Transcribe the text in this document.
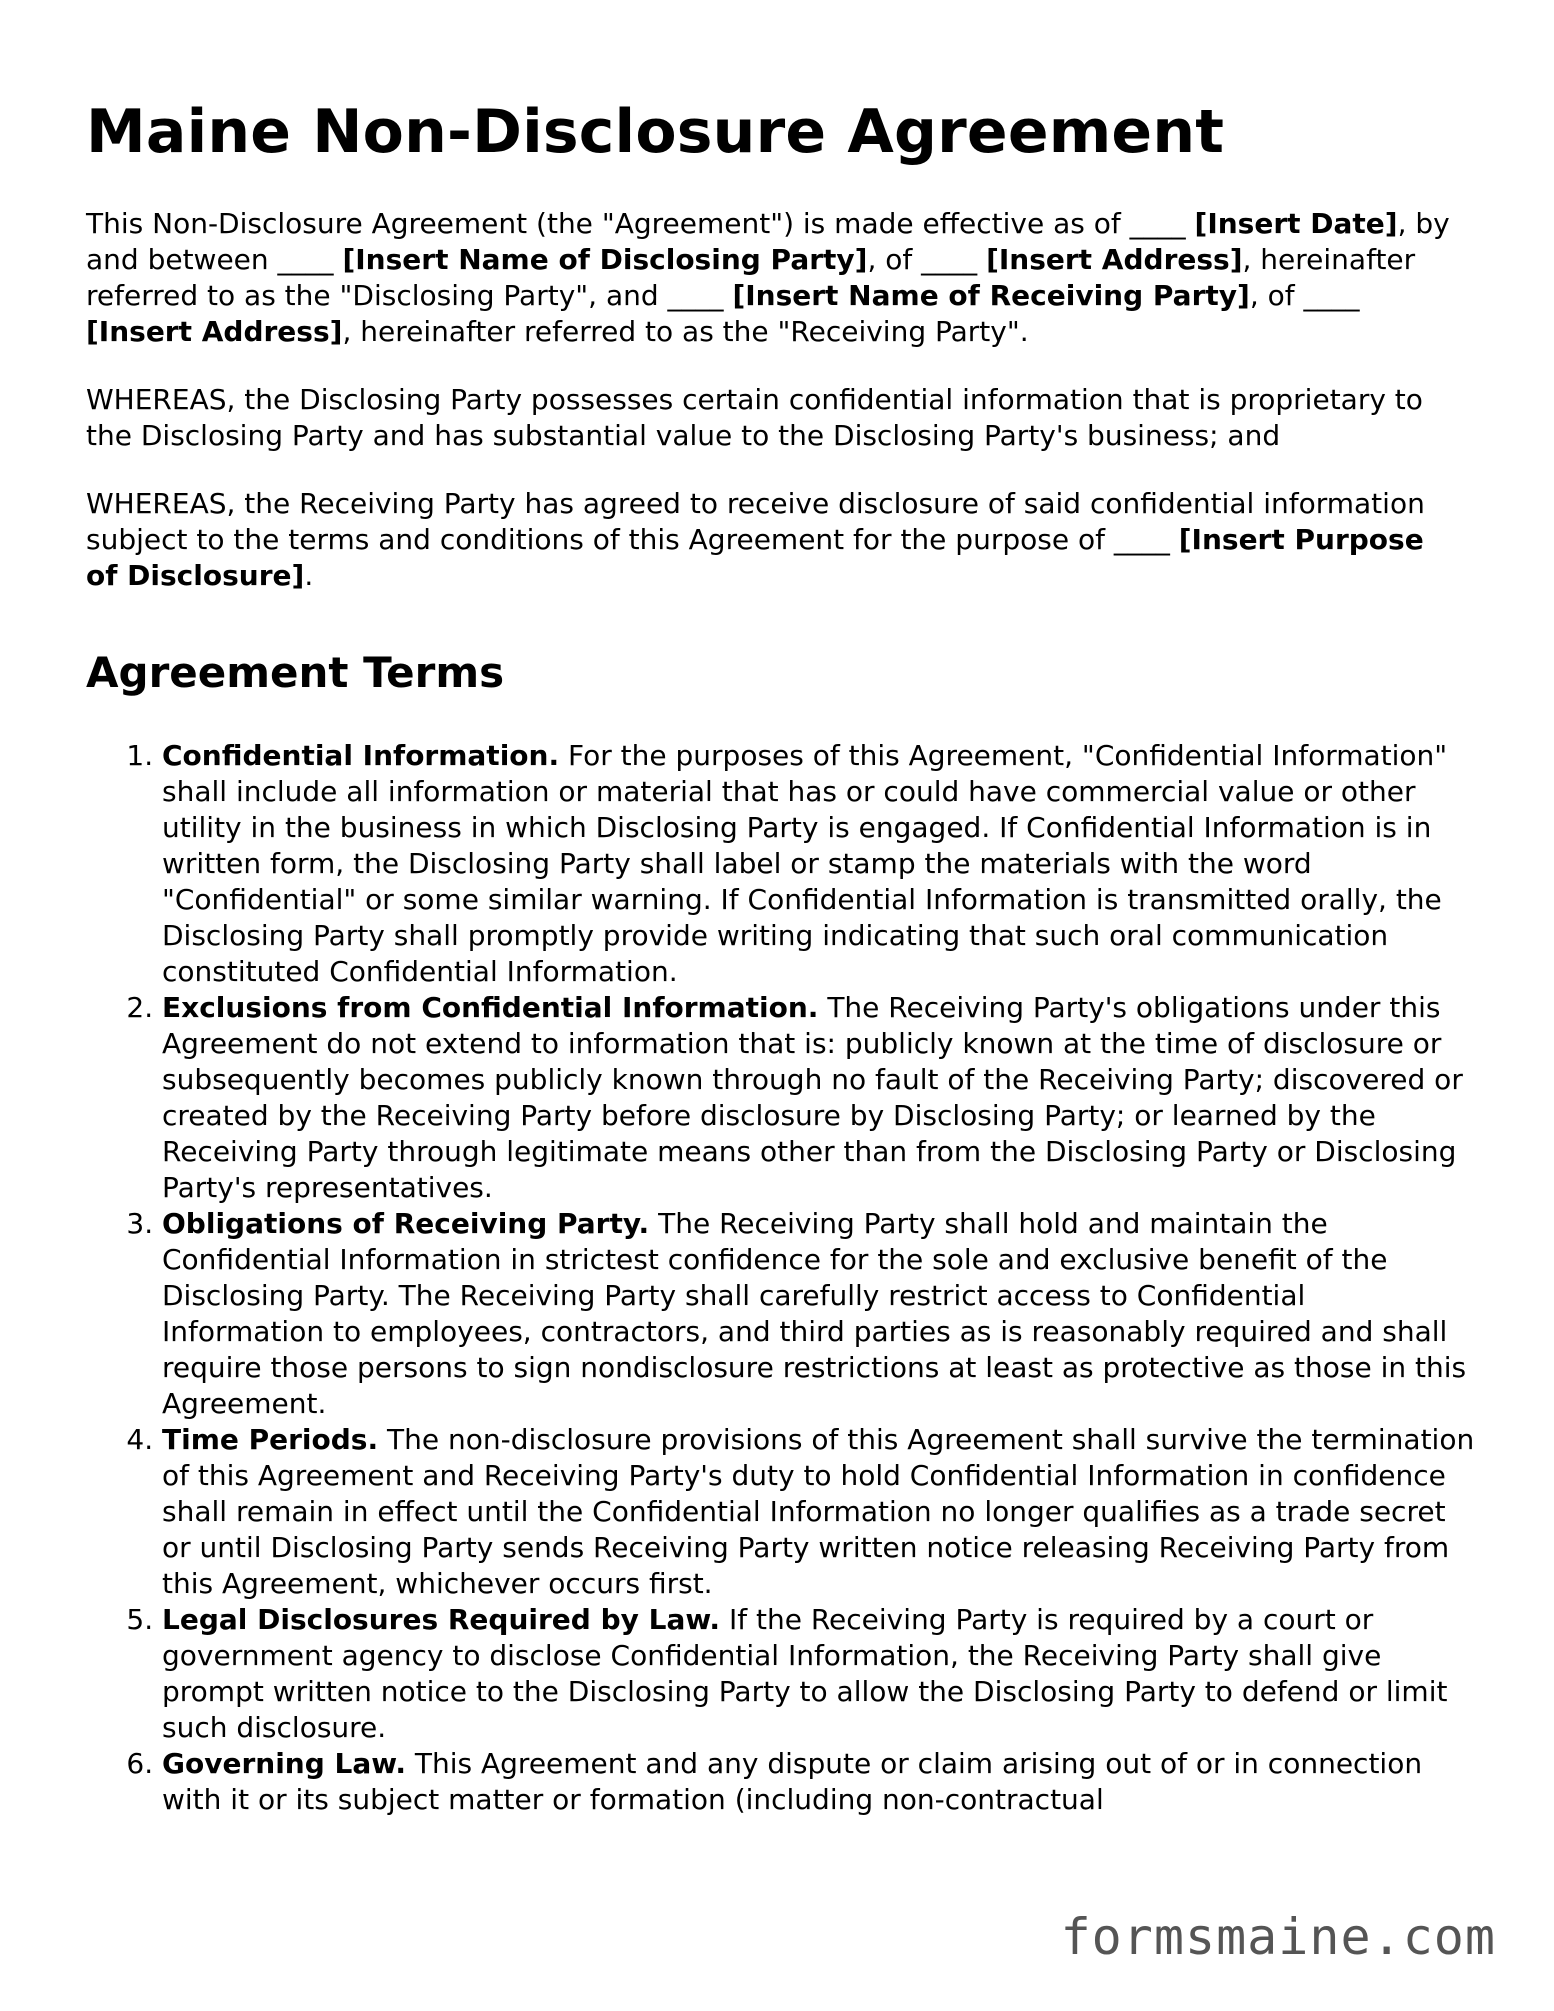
Maine Non-Disclosure Agreement

This Non-Disclosure Agreement (the "Agreement") is made effective as of ____ [Insert Date], by and between ____ [Insert Name of Disclosing Party], of ____ [Insert Address], hereinafter referred to as the "Disclosing Party", and ____ [Insert Name of Receiving Party], of ____ [Insert Address], hereinafter referred to as the "Receiving Party".

WHEREAS, the Disclosing Party possesses certain confidential information that is proprietary to the Disclosing Party and has substantial value to the Disclosing Party's business; and

WHEREAS, the Receiving Party has agreed to receive disclosure of said confidential information subject to the terms and conditions of this Agreement for the purpose of ____ [Insert Purpose of Disclosure].

Agreement Terms
1. Confidential Information. For the purposes of this Agreement, "Confidential Information" shall include all information or material that has or could have commercial value or other utility in the business in which Disclosing Party is engaged. If Confidential Information is in written form, the Disclosing Party shall label or stamp the materials with the word "Confidential" or some similar warning. If Confidential Information is transmitted orally, the Disclosing Party shall promptly provide writing indicating that such oral communication constituted Confidential Information.
2. Exclusions from Confidential Information. The Receiving Party's obligations under this Agreement do not extend to information that is: publicly known at the time of disclosure or subsequently becomes publicly known through no fault of the Receiving Party; discovered or created by the Receiving Party before disclosure by Disclosing Party; or learned by the Receiving Party through legitimate means other than from the Disclosing Party or Disclosing Party's representatives.
3. Obligations of Receiving Party. The Receiving Party shall hold and maintain the Confidential Information in strictest confidence for the sole and exclusive benefit of the Disclosing Party. The Receiving Party shall carefully restrict access to Confidential Information to employees, contractors, and third parties as is reasonably required and shall require those persons to sign nondisclosure restrictions at least as protective as those in this Agreement.
4. Time Periods. The non-disclosure provisions of this Agreement shall survive the termination of this Agreement and Receiving Party's duty to hold Confidential Information in confidence shall remain in effect until the Confidential Information no longer qualifies as a trade secret or until Disclosing Party sends Receiving Party written notice releasing Receiving Party from this Agreement, whichever occurs first.
5. Legal Disclosures Required by Law. If the Receiving Party is required by a court or government agency to disclose Confidential Information, the Receiving Party shall give prompt written notice to the Disclosing Party to allow the Disclosing Party to defend or limit such disclosure.
6. Governing Law. This Agreement and any dispute or claim arising out of or in connection with it or its subject matter or formation (including non-contractual
formsmaine.com
